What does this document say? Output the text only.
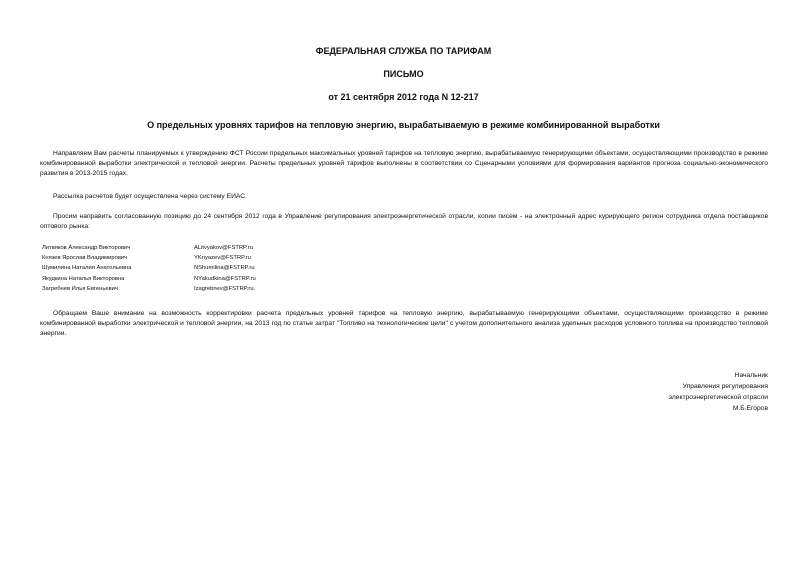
ФЕДЕРАЛЬНАЯ СЛУЖБА ПО ТАРИФАМ
ПИСЬМО
от 21 сентября 2012 года N 12-217
О предельных уровнях тарифов на тепловую энергию, вырабатываемую в режиме комбинированной выработки

Направляем Вам расчеты планируемых к утверждению ФСТ России предельных максимальных уровней тарифов на тепловую энергию, вырабатываемую генерирующими объектами, осуществляющими производство в режиме комбинированной выработки электрической и тепловой энергии. Расчеты предельных уровней тарифов выполнены в соответствии со Сценарными условиями для формирования вариантов прогноза социально-экономического развития в 2013-2015 годах.

Рассылка расчетов будет осуществлена через систему ЕИАС.

Просим направить согласованную позицию до 24 сентября 2012 года в Управление регулирования электроэнергетической отрасли, копии писем - на электронный адрес курирующего регион сотрудника отдела поставщиков оптового рынка:

Литвяков Александр Викторович	ALitvyakov@FSTRP.ru
Князев Ярослав Владимирович	YKnyazev@FSTRP.ru
Шумилина Наталия Анатольевна	NShumilina@FSTRP.ru
Якудкина Наталья Викторовна	NYakudkina@FSTRP.ru
Загребнев Илья Евгеньевич	Izagrebnev@FSTRP.ru.

Обращаем Ваше внимание на возможность корректировки расчета предельных уровней тарифов на тепловую энергию, вырабатываемую генерирующими объектами, осуществляющими производство в режиме комбинированной выработки электрической и тепловой энергии, на 2013 год по статье затрат "Топливо на технологические цели" с учетом дополнительного анализа удельных расходов условного топлива на производство тепловой энергии.

Начальник
Управления регулирования
электроэнергетической отрасли
М.Б.Егоров
